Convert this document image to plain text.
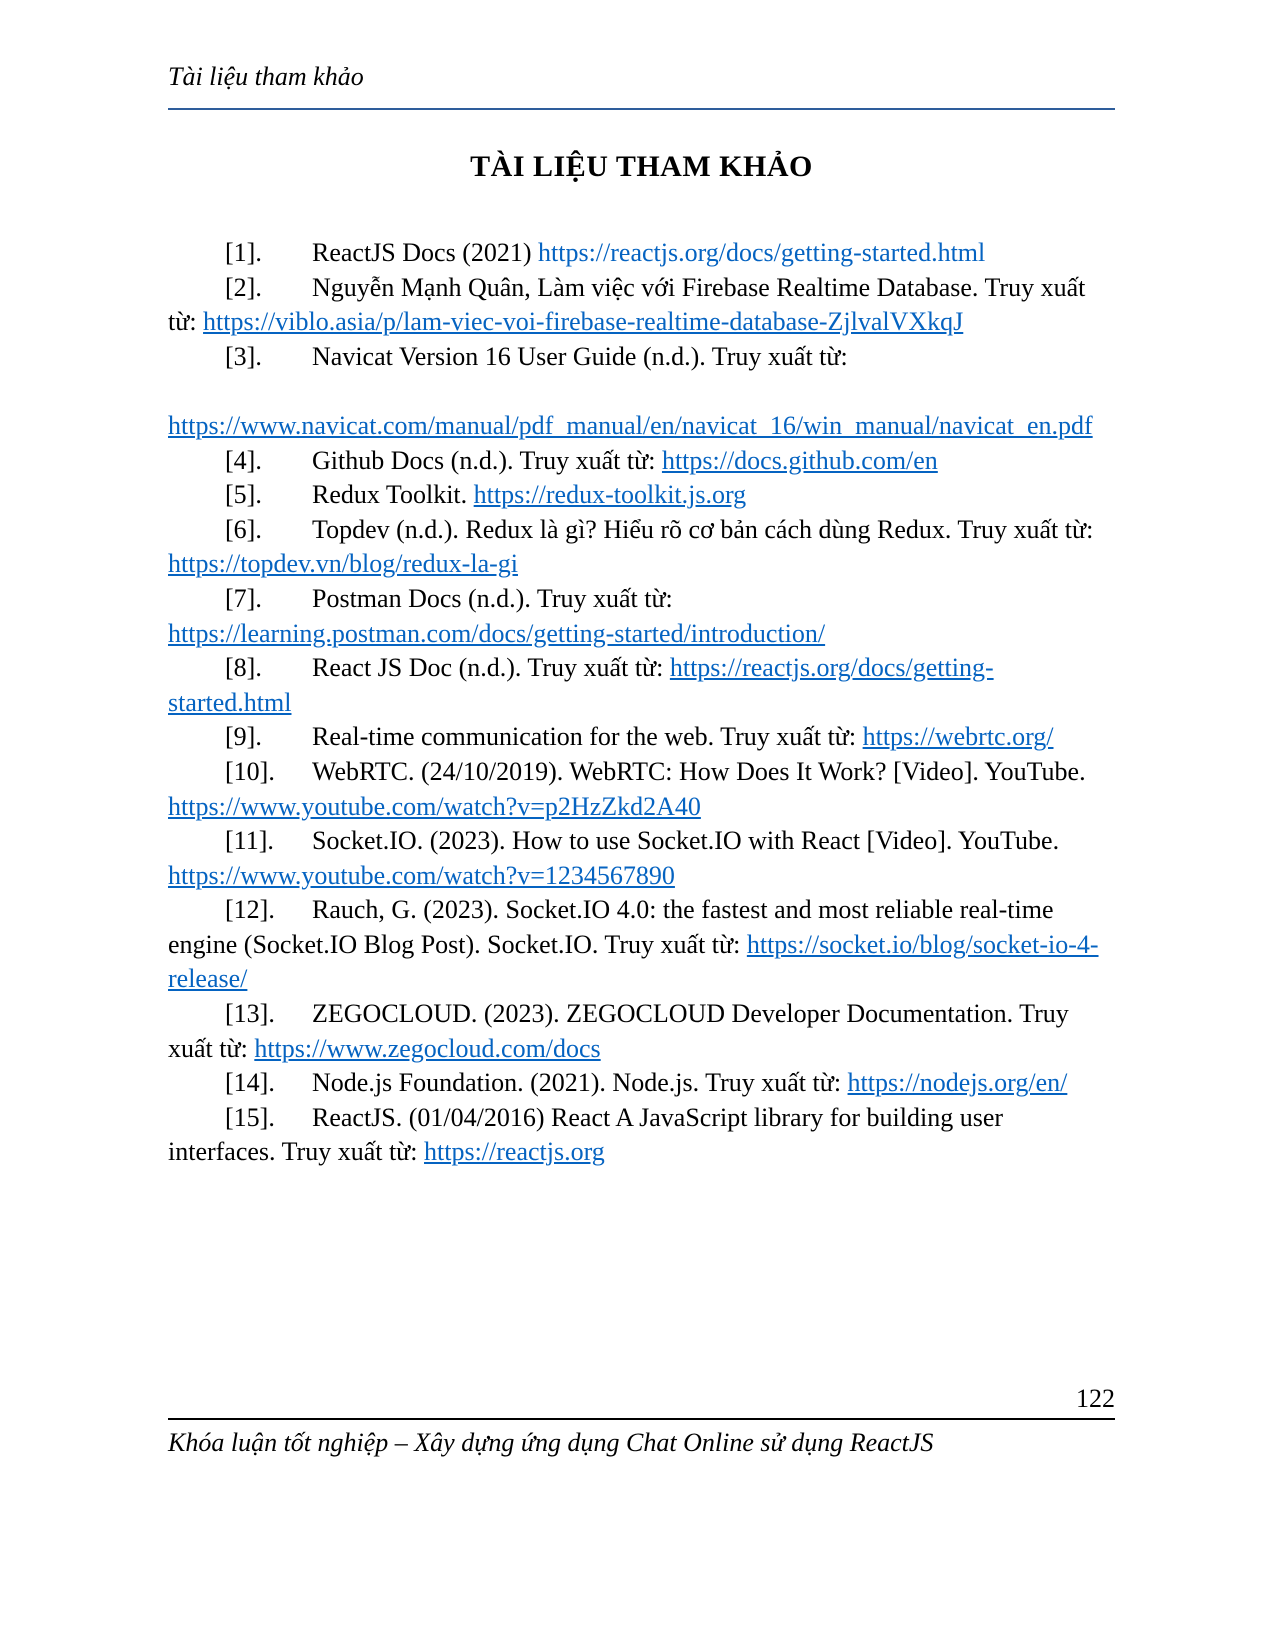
Tài liệu tham khảo
TÀI LIỆU THAM KHẢO

[1]. ReactJS Docs (2021) https://reactjs.org/docs/getting-started.html

[2]. Nguyễn Mạnh Quân, Làm việc với Firebase Realtime Database. Truy xuất từ: https://viblo.asia/p/lam-viec-voi-firebase-realtime-database-ZjlvalVXkqJ

[3]. Navicat Version 16 User Guide (n.d.). Truy xuất từ:
https://www.navicat.com/manual/pdf_manual/en/navicat_16/win_manual/navicat_en.pdf

[4]. Github Docs (n.d.). Truy xuất từ: https://docs.github.com/en

[5]. Redux Toolkit. https://redux-toolkit.js.org

[6]. Topdev (n.d.). Redux là gì? Hiểu rõ cơ bản cách dùng Redux. Truy xuất từ: https://topdev.vn/blog/redux-la-gi

[7]. Postman Docs (n.d.). Truy xuất từ: https://learning.postman.com/docs/getting-started/introduction/

[8]. React JS Doc (n.d.). Truy xuất từ: https://reactjs.org/docs/getting-started.html

[9]. Real-time communication for the web. Truy xuất từ: https://webrtc.org/

[10]. WebRTC. (24/10/2019). WebRTC: How Does It Work? [Video]. YouTube. https://www.youtube.com/watch?v=p2HzZkd2A40

[11]. Socket.IO. (2023). How to use Socket.IO with React [Video]. YouTube. https://www.youtube.com/watch?v=1234567890

[12]. Rauch, G. (2023). Socket.IO 4.0: the fastest and most reliable real-time engine (Socket.IO Blog Post). Socket.IO. Truy xuất từ: https://socket.io/blog/socket-io-4-release/

[13]. ZEGOCLOUD. (2023). ZEGOCLOUD Developer Documentation. Truy xuất từ: https://www.zegocloud.com/docs

[14]. Node.js Foundation. (2021). Node.js. Truy xuất từ: https://nodejs.org/en/

[15]. ReactJS. (01/04/2016) React A JavaScript library for building user interfaces. Truy xuất từ: https://reactjs.org

122
Khóa luận tốt nghiệp – Xây dựng ứng dụng Chat Online sử dụng ReactJS
